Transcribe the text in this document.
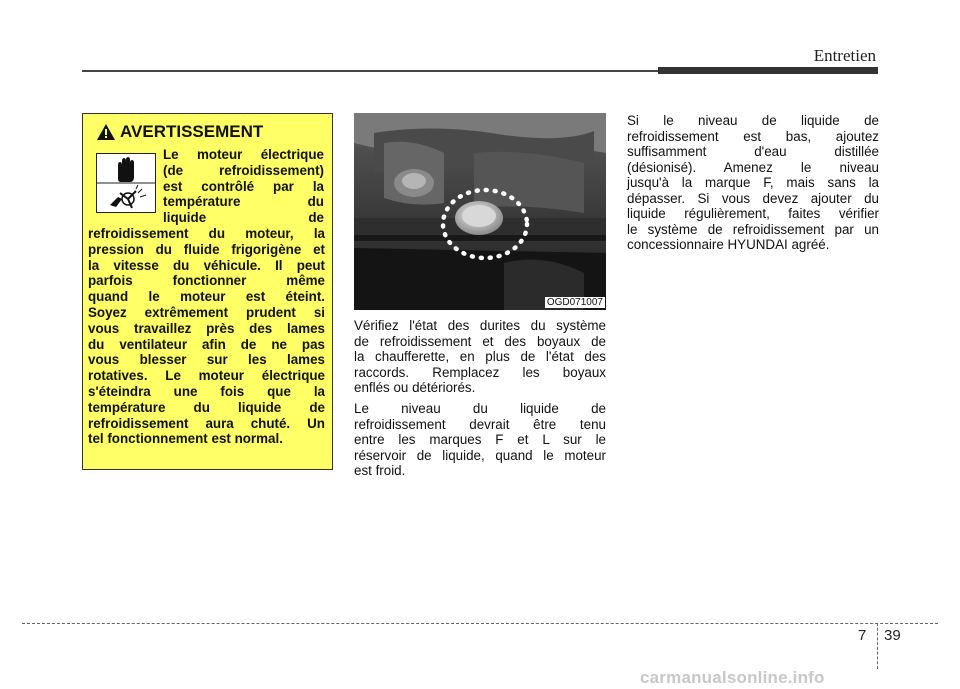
Entretien
AVERTISSEMENT
Le moteur électrique
(de refroidissement)
est contrôlé par la
température du
liquide de
refroidissement du moteur, la
pression du fluide frigorigène et
la vitesse du véhicule. Il peut
parfois fonctionner même
quand le moteur est éteint.
Soyez extrêmement prudent si
vous travaillez près des lames
du ventilateur afin de ne pas
vous blesser sur les lames
rotatives. Le moteur électrique
s'éteindra une fois que la
température du liquide de
refroidissement aura chuté. Un
tel fonctionnement est normal.
OGD071007
Vérifiez l'état des durites du système
de refroidissement et des boyaux de
la chaufferette, en plus de l'état des
raccords. Remplacez les boyaux
enflés ou détériorés.
Le niveau du liquide de
refroidissement devrait être tenu
entre les marques F et L sur le
réservoir de liquide, quand le moteur
est froid.
Si le niveau de liquide de
refroidissement est bas, ajoutez
suffisamment d'eau distillée
(désionisé). Amenez le niveau
jusqu'à la marque F, mais sans la
dépasser. Si vous devez ajouter du
liquide régulièrement, faites vérifier
le système de refroidissement par un
concessionnaire HYUNDAI agréé.
7 39
carmanualsonline.info
